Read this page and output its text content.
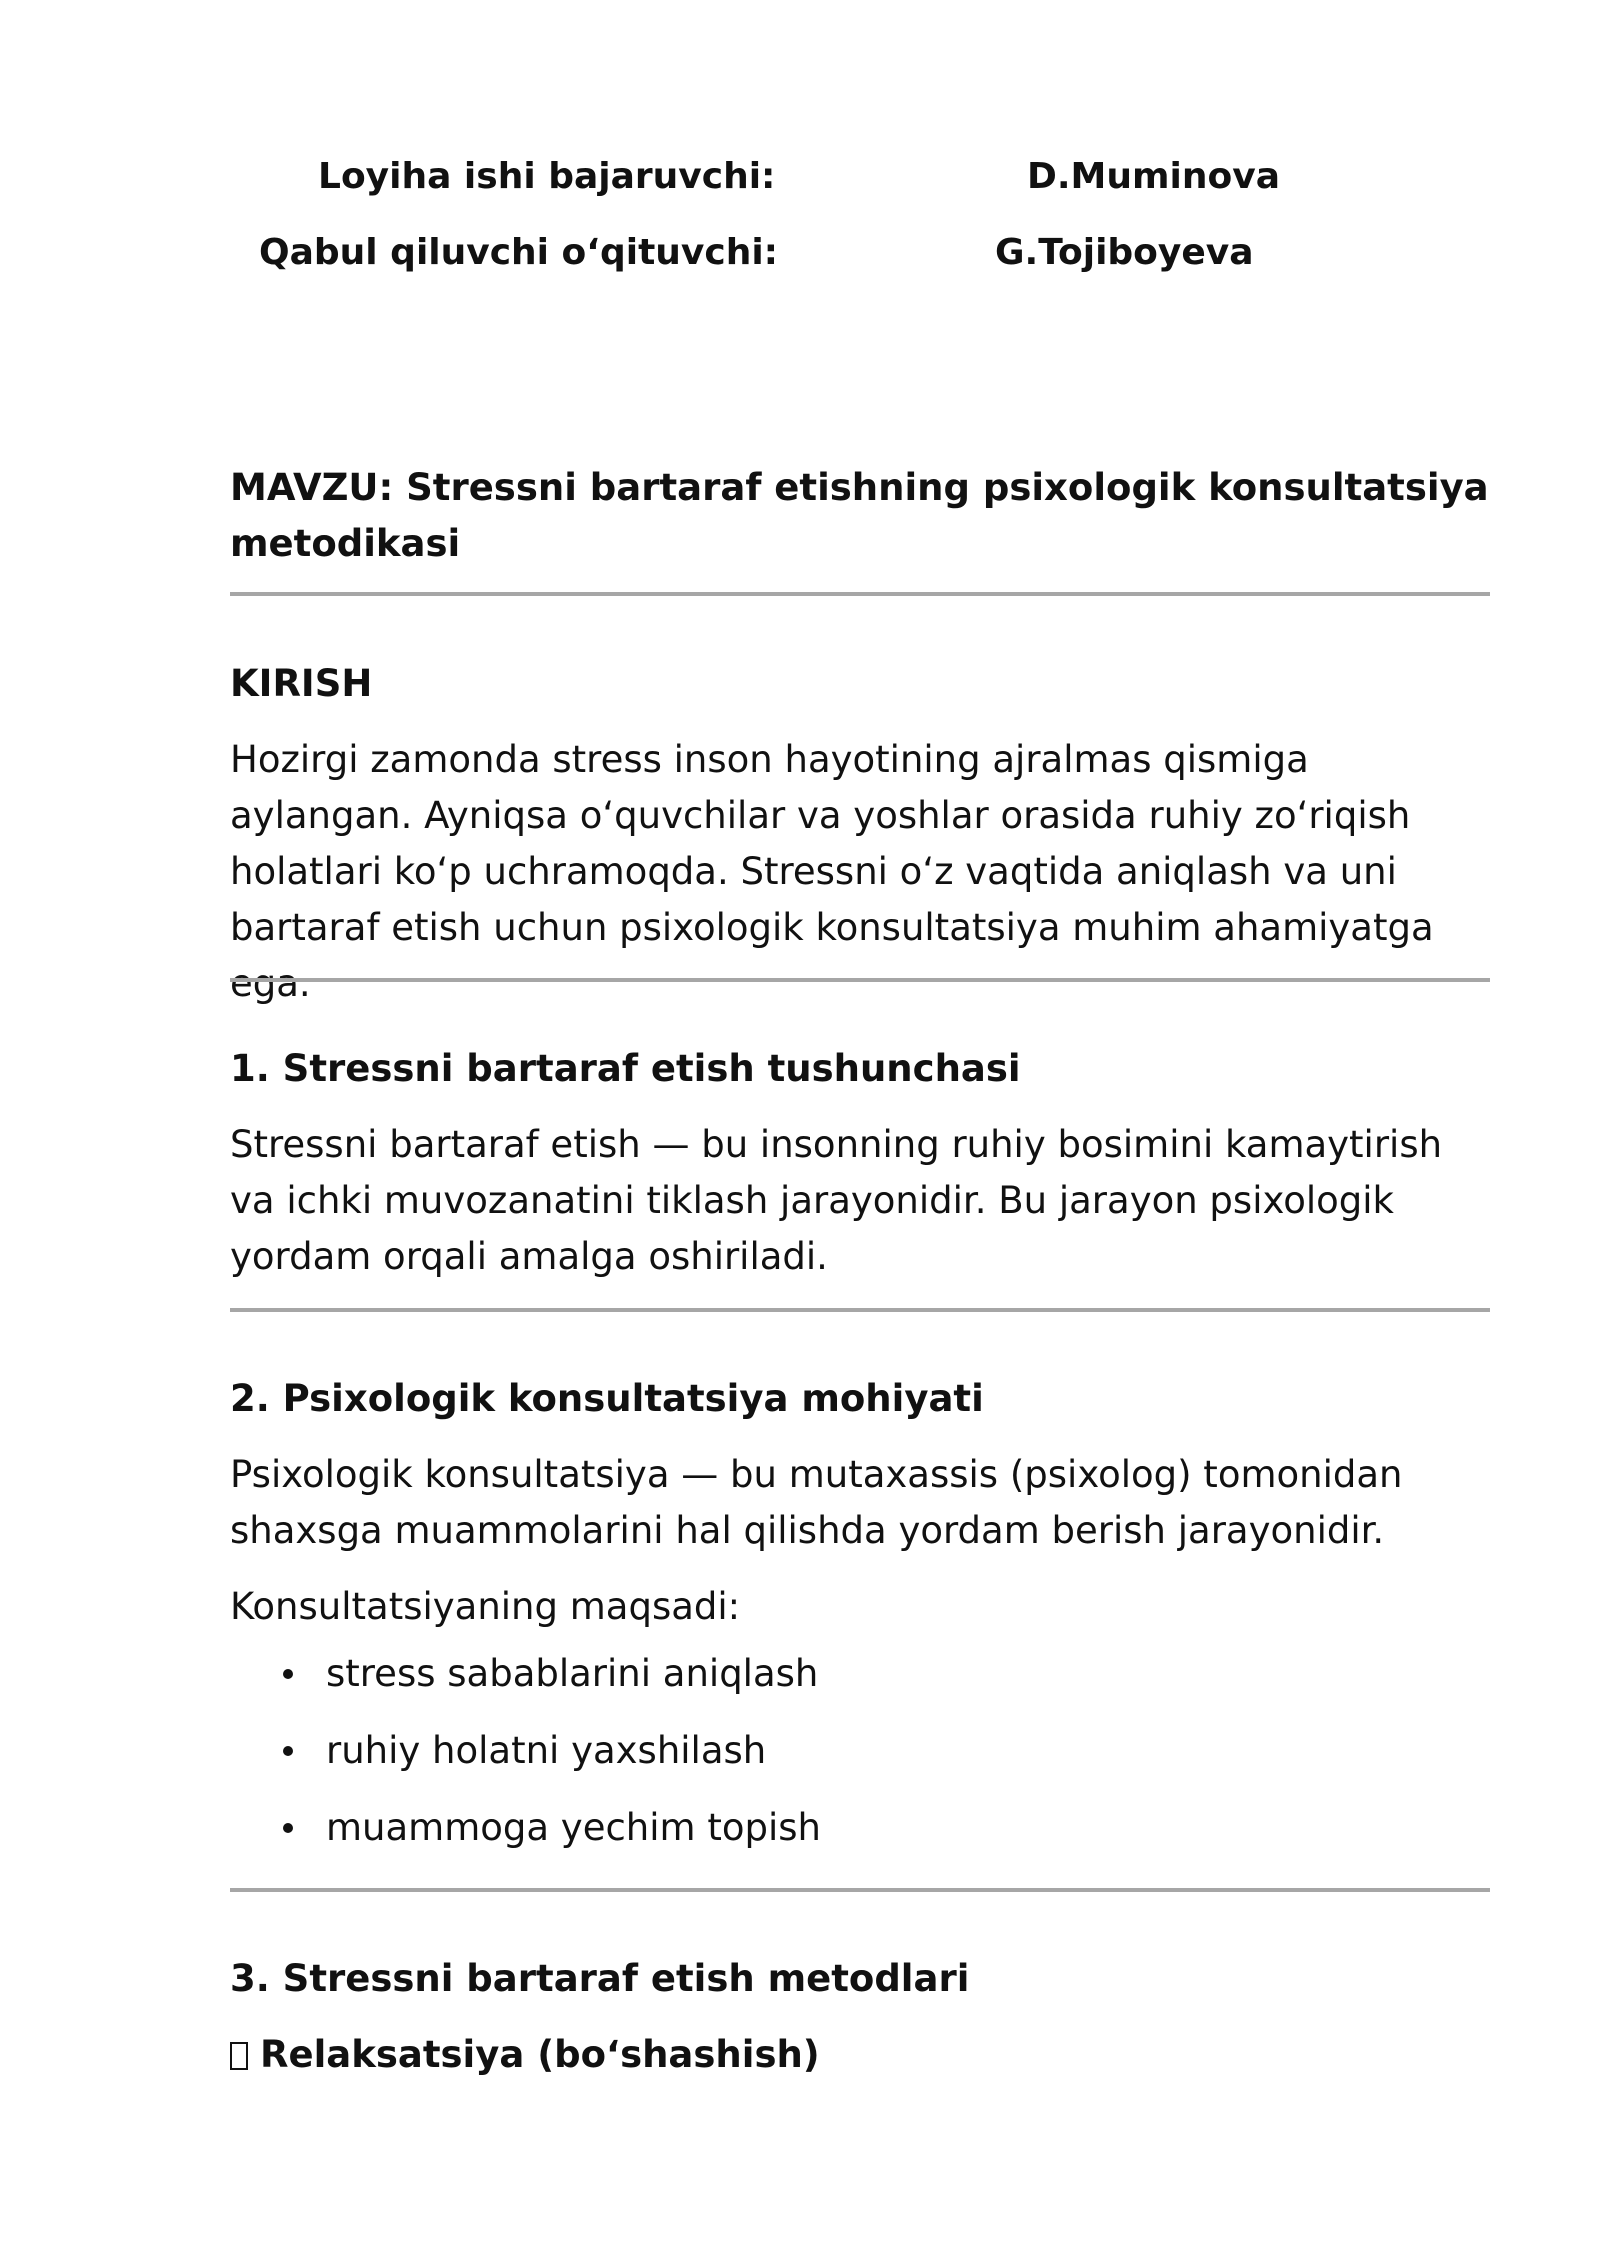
Loyiha ishi bajaruvchi:	D.Muminova
Qabul qiluvchi o‘qituvchi:	G.Tojiboyeva

MAVZU: Stressni bartaraf etishning psixologik konsultatsiya metodikasi

KIRISH

Hozirgi zamonda stress inson hayotining ajralmas qismiga aylangan. Ayniqsa o‘quvchilar va yoshlar orasida ruhiy zo‘riqish holatlari ko‘p uchramoqda. Stressni o‘z vaqtida aniqlash va uni bartaraf etish uchun psixologik konsultatsiya muhim ahamiyatga ega.

1. Stressni bartaraf etish tushunchasi

Stressni bartaraf etish — bu insonning ruhiy bosimini kamaytirish va ichki muvozanatini tiklash jarayonidir. Bu jarayon psixologik yordam orqali amalga oshiriladi.

2. Psixologik konsultatsiya mohiyati

Psixologik konsultatsiya — bu mutaxassis (psixolog) tomonidan shaxsga muammolarini hal qilishda yordam berish jarayonidir.

Konsultatsiyaning maqsadi:

stress sabablarini aniqlash
ruhiy holatni yaxshilash
muammoga yechim topish

3. Stressni bartaraf etish metodlari

Relaksatsiya (bo‘shashish)
